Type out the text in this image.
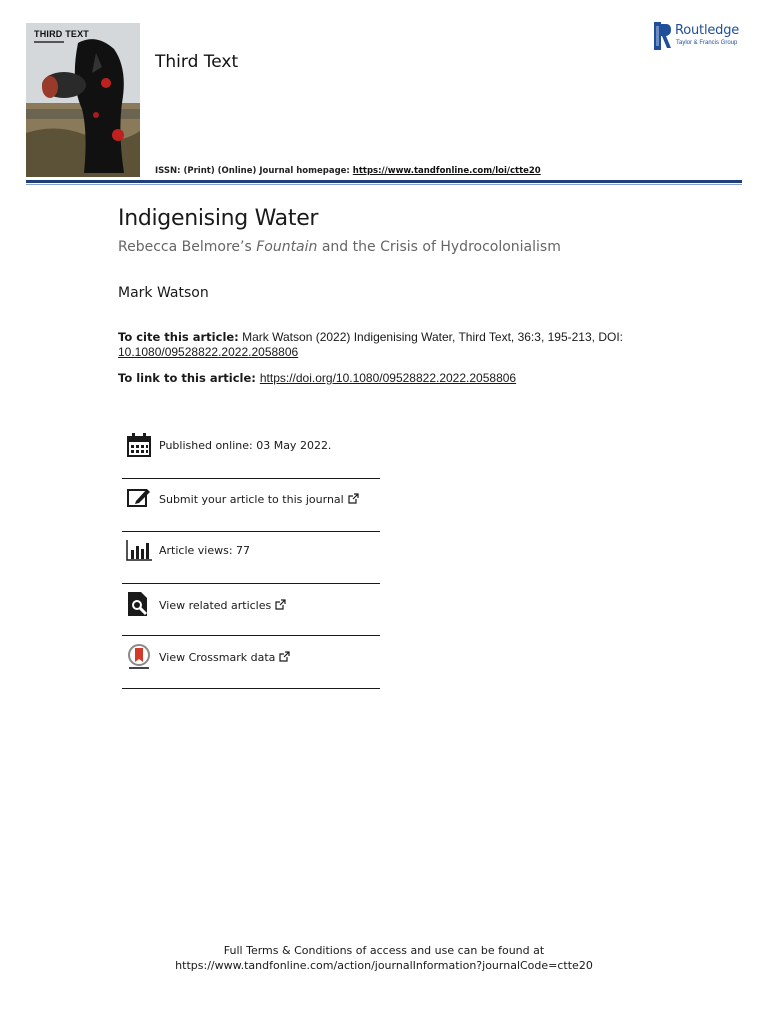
THIRD TEXT
Third Text
ISSN: (Print) (Online) Journal homepage: https://www.tandfonline.com/loi/ctte20
Routledge
Taylor & Francis Group
Indigenising Water
Rebecca Belmore’s Fountain and the Crisis of Hydrocolonialism
Mark Watson
To cite this article: Mark Watson (2022) Indigenising Water, Third Text, 36:3, 195-213, DOI: 10.1080/09528822.2022.2058806
To link to this article: https://doi.org/10.1080/09528822.2022.2058806
Published online: 03 May 2022.
Submit your article to this journal
Article views: 77
View related articles
View Crossmark data
Full Terms & Conditions of access and use can be found at
https://www.tandfonline.com/action/journalInformation?journalCode=ctte20
